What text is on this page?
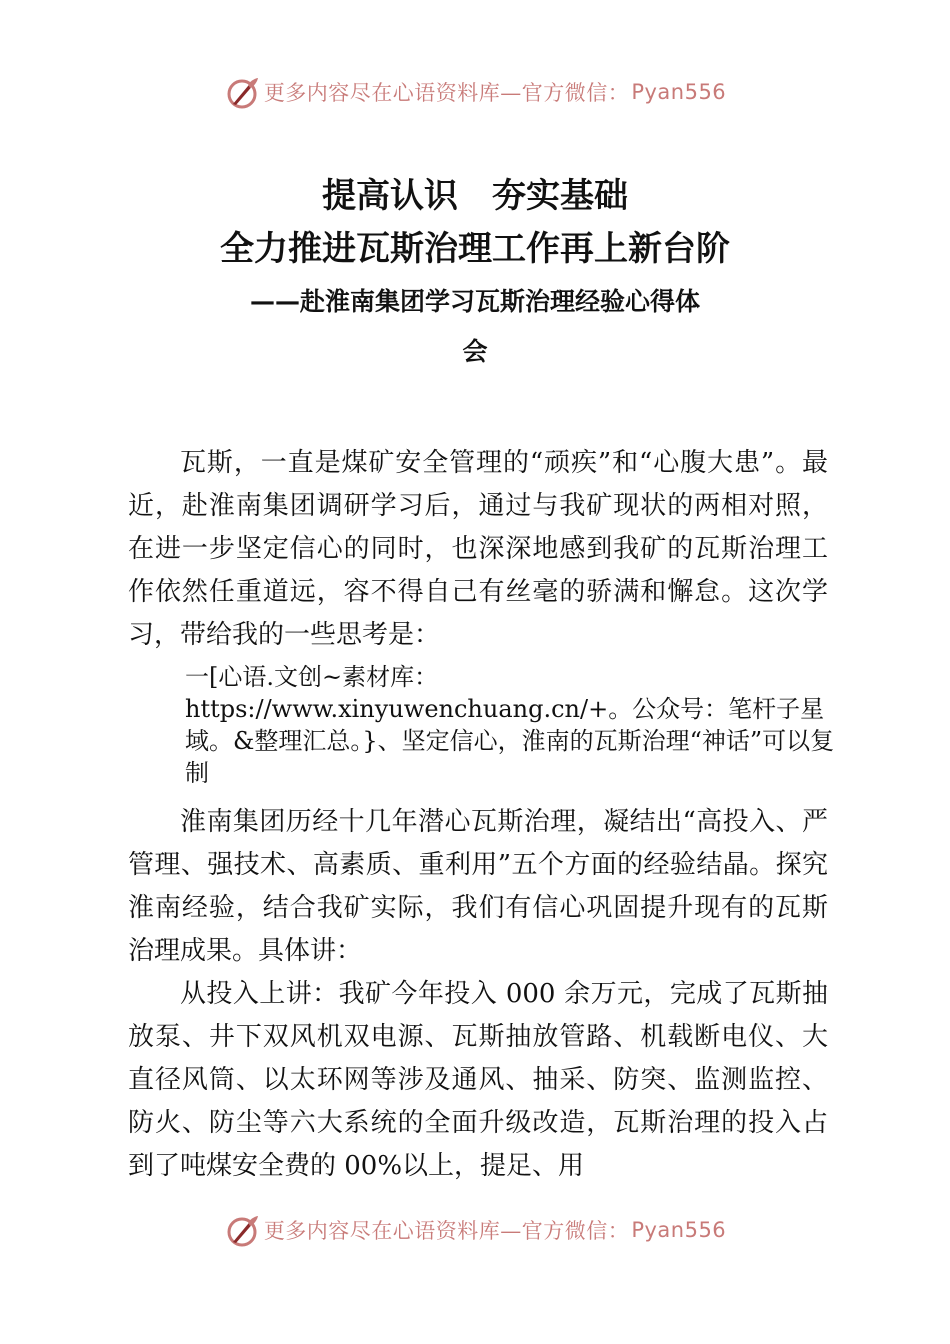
更多内容尽在心语资料库—官方微信： Pyan556
提高认识　夯实基础
全力推进瓦斯治理工作再上新台阶
——赴淮南集团学习瓦斯治理经验心得体
会

瓦斯，一直是煤矿安全管理的“顽疾”和“心腹大患”。最近，赴淮南集团调研学习后，通过与我矿现状的两相对照，在进一步坚定信心的同时，也深深地感到我矿的瓦斯治理工作依然任重道远，容不得自己有丝毫的骄满和懈怠。这次学习，带给我的一些思考是：

一[心语.文创~素材库：https://www.xinyuwenchuang.cn/+。公众号：笔杆子星域。&整理汇总。}、坚定信心，淮南的瓦斯治理“神话”可以复制

淮南集团历经十几年潜心瓦斯治理，凝结出“高投入、严管理、强技术、高素质、重利用”五个方面的经验结晶。探究淮南经验，结合我矿实际，我们有信心巩固提升现有的瓦斯治理成果。具体讲：

从投入上讲：我矿今年投入 000 余万元，完成了瓦斯抽放泵、井下双风机双电源、瓦斯抽放管路、机载断电仪、大直径风筒、以太环网等涉及通风、抽采、防突、监测监控、防火、防尘等六大系统的全面升级改造，瓦斯治理的投入占到了吨煤安全费的 00%以上，提足、用

更多内容尽在心语资料库—官方微信： Pyan556
